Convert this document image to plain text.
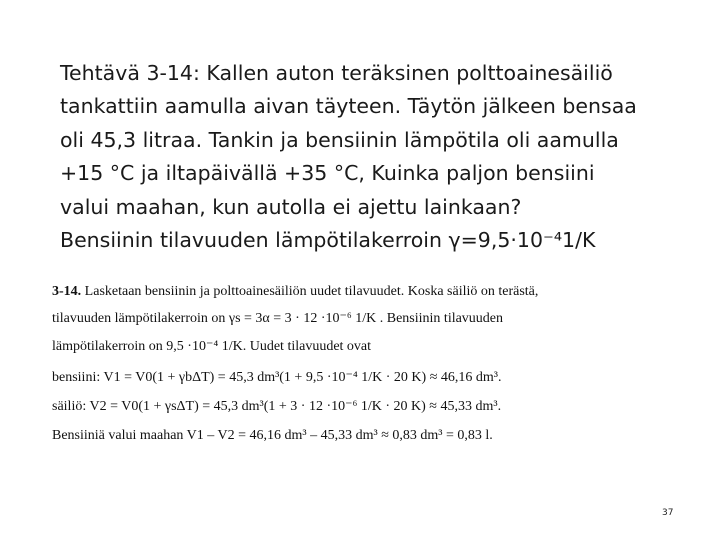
Tehtävä 3-14: Kallen auton teräksinen polttoainesäiliö
tankattiin aamulla aivan täyteen. Täytön jälkeen bensaa
oli 45,3 litraa. Tankin ja bensiinin lämpötila oli aamulla
+15 °C ja iltapäivällä +35 °C, Kuinka paljon bensiini
valui maahan, kun autolla ei ajettu lainkaan?
Bensiinin tilavuuden lämpötilakerroin γ=9,5·10⁻⁴1/K
3-14. Lasketaan bensiinin ja polttoainesäiliön uudet tilavuudet. Koska säiliö on terästä,
tilavuuden lämpötilakerroin on γs = 3α = 3 · 12 ·10⁻⁶ 1/K . Bensiinin tilavuuden
lämpötilakerroin on 9,5 ·10⁻⁴ 1/K. Uudet tilavuudet ovat
bensiini: V1 = V0(1 + γbΔT) = 45,3 dm³(1 + 9,5 ·10⁻⁴ 1/K · 20 K) ≈ 46,16 dm³.
säiliö: V2 = V0(1 + γsΔT) = 45,3 dm³(1 + 3 · 12 ·10⁻⁶ 1/K · 20 K) ≈ 45,33 dm³.
Bensiiniä valui maahan V1 – V2 = 46,16 dm³ – 45,33 dm³ ≈ 0,83 dm³ = 0,83 l.
37
